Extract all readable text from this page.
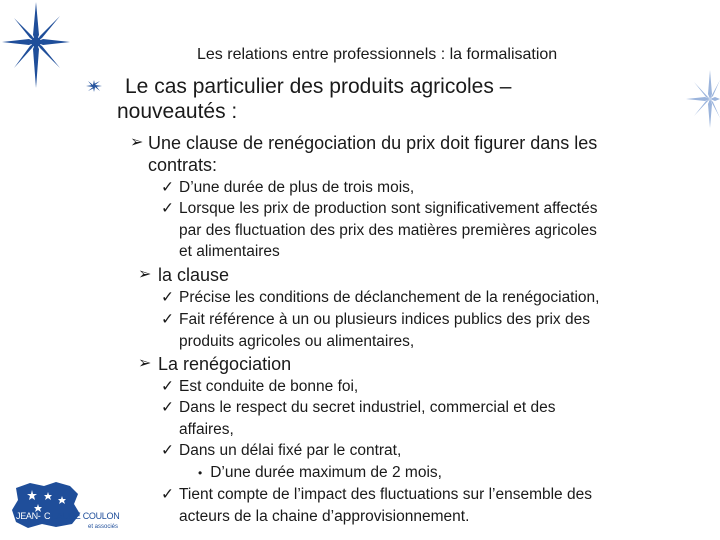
Les relations entre professionnels : la formalisation
Le cas particulier des produits agricoles –
nouveautés :
➢ Une clause de renégociation du prix doit figurer dans les
contrats:
✓ D’une durée de plus de trois mois,
✓ Lorsque les prix de production sont significativement affectés
par des fluctuation des prix des matières premières agricoles
et alimentaires
➢ la clause
✓ Précise les conditions de déclanchement de la renégociation,
✓ Fait référence à un ou plusieurs indices publics des prix des
produits agricoles ou alimentaires,
➢ La renégociation
✓ Est conduite de bonne foi,
✓ Dans le respect du secret industriel, commercial et des
affaires,
✓ Dans un délai fixé par le contrat,
• D’une durée maximum de 2 mois,
✓ Tient compte de l’impact des fluctuations sur l’ensemble des
acteurs de la chaine d’approvisionnement.
JEAN- C LAUDE COULON
et associés
